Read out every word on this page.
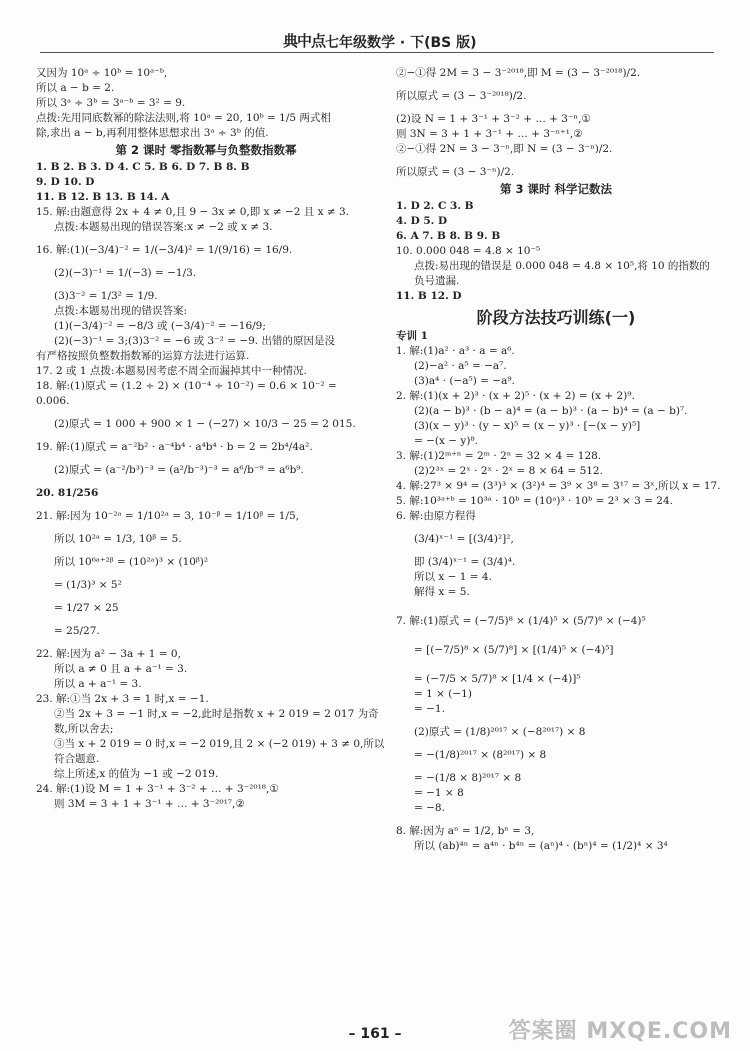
典中点 七年级数学 · 下(BS 版)
又因为 10ᵃ ÷ 10ᵇ = 10ᵃ⁻ᵇ,
所以 a − b = 2.
所以 3ᵃ ÷ 3ᵇ = 3ᵃ⁻ᵇ = 3² = 9.
点拨:先用同底数幂的除法法则,将 10ᵃ = 20, 10ᵇ = 1/5 两式相
除,求出 a − b,再利用整体思想求出 3ᵃ ÷ 3ᵇ 的值.
第 2 课时 零指数幂与负整数指数幂
1. B 2. B 3. D 4. C 5. B 6. D 7. B 8. B
9. D 10. D
11. B 12. B 13. B 14. A
15. 解:由题意得 2x + 4 ≠ 0,且 9 − 3x ≠ 0,即 x ≠ −2 且 x ≠ 3.
点拨:本题易出现的错误答案:x ≠ −2 或 x ≠ 3.
16. 解:(1)(−3/4)⁻² = 1/(−3/4)² = 1/(9/16) = 16/9.
(2)(−3)⁻¹ = 1/(−3) = −1/3.
(3)3⁻² = 1/3² = 1/9.
点拨:本题易出现的错误答案:
(1)(−3/4)⁻² = −8/3 或 (−3/4)⁻² = −16/9;
(2)(−3)⁻¹ = 3;(3)3⁻² = −6 或 3⁻² = −9. 出错的原因是没
有严格按照负整数指数幂的运算方法进行运算.
17. 2 或 1 点拨:本题易因考虑不周全而漏掉其中一种情况.
18. 解:(1)原式 = (1.2 ÷ 2) × (10⁻⁴ ÷ 10⁻²) = 0.6 × 10⁻² =
0.006.
(2)原式 = 1 000 + 900 × 1 − (−27) × 10/3 − 25 = 2 015.
19. 解:(1)原式 = a⁻²b² · a⁻⁴b⁴ · a⁴b⁴ · b = 2 = 2b⁴/4a².
(2)原式 = (a⁻²/b³)⁻³ = (a²/b⁻³)⁻³ = a⁶/b⁻⁹ = a⁶b⁹.
20. 81/256
21. 解:因为 10⁻²ᵃ = 1/10²ᵃ = 3, 10⁻ᵝ = 1/10ᵝ = 1/5,
所以 10²ᵃ = 1/3, 10ᵝ = 5.
所以 10⁶ᵃ⁺²ᵝ = (10²ᵃ)³ × (10ᵝ)²
= (1/3)³ × 5²
= 1/27 × 25
= 25/27.
22. 解:因为 a² − 3a + 1 = 0,
所以 a ≠ 0 且 a + a⁻¹ = 3.
所以 a + a⁻¹ = 3.
23. 解:①当 2x + 3 = 1 时,x = −1.
②当 2x + 3 = −1 时,x = −2,此时是指数 x + 2 019 = 2 017 为奇
数,所以舍去;
③当 x + 2 019 = 0 时,x = −2 019,且 2 × (−2 019) + 3 ≠ 0,所以
符合题意.
综上所述,x 的值为 −1 或 −2 019.
24. 解:(1)设 M = 1 + 3⁻¹ + 3⁻² + … + 3⁻²⁰¹⁸,①
则 3M = 3 + 1 + 3⁻¹ + … + 3⁻²⁰¹⁷,②
②−①得 2M = 3 − 3⁻²⁰¹⁸,即 M = (3 − 3⁻²⁰¹⁸)/2.
所以原式 = (3 − 3⁻²⁰¹⁸)/2.
(2)设 N = 1 + 3⁻¹ + 3⁻² + … + 3⁻ⁿ,①
则 3N = 3 + 1 + 3⁻¹ + … + 3⁻ⁿ⁺¹,②
②−①得 2N = 3 − 3⁻ⁿ,即 N = (3 − 3⁻ⁿ)/2.
所以原式 = (3 − 3⁻ⁿ)/2.
第 3 课时 科学记数法
1. D 2. C 3. B
4. D 5. D
6. A 7. B 8. B 9. B
10. 0.000 048 = 4.8 × 10⁻⁵
点拨:易出现的错误是 0.000 048 = 4.8 × 10⁵,将 10 的指数的
负号遗漏.
11. B 12. D
阶段方法技巧训练(一)
专训 1
1. 解:(1)a² · a³ · a = a⁶.
(2)−a² · a⁵ = −a⁷.
(3)a⁴ · (−a⁵) = −a⁹.
2. 解:(1)(x + 2)³ · (x + 2)⁵ · (x + 2) = (x + 2)⁹.
(2)(a − b)³ · (b − a)⁴ = (a − b)³ · (a − b)⁴ = (a − b)⁷.
(3)(x − y)³ · (y − x)⁵ = (x − y)³ · [−(x − y)⁵]
= −(x − y)⁸.
3. 解:(1)2ᵐ⁺ⁿ = 2ᵐ · 2ⁿ = 32 × 4 = 128.
(2)2³ˣ = 2ˣ · 2ˣ · 2ˣ = 8 × 64 = 512.
4. 解:27³ × 9⁴ = (3³)³ × (3²)⁴ = 3⁹ × 3⁸ = 3¹⁷ = 3ˣ,所以 x = 17.
5. 解:10³ᵃ⁺ᵇ = 10³ᵃ · 10ᵇ = (10ᵃ)³ · 10ᵇ = 2³ × 3 = 24.
6. 解:由原方程得
(3/4)ˣ⁻¹ = [(3/4)²]²,
即 (3/4)ˣ⁻¹ = (3/4)⁴.
所以 x − 1 = 4.
解得 x = 5.
7. 解:(1)原式 = (−7/5)⁸ × (1/4)⁵ × (5/7)⁸ × (−4)⁵
= [(−7/5)⁸ × (5/7)⁸] × [(1/4)⁵ × (−4)⁵]
= (−7/5 × 5/7)⁸ × [1/4 × (−4)]⁵
= 1 × (−1)
= −1.
(2)原式 = (1/8)²⁰¹⁷ × (−8²⁰¹⁷) × 8
= −(1/8)²⁰¹⁷ × (8²⁰¹⁷) × 8
= −(1/8 × 8)²⁰¹⁷ × 8
= −1 × 8
= −8.
8. 解:因为 aⁿ = 1/2, bⁿ = 3,
所以 (ab)⁴ⁿ = a⁴ⁿ · b⁴ⁿ = (aⁿ)⁴ · (bⁿ)⁴ = (1/2)⁴ × 3⁴
– 161 –	答案圈 MXQE.COM
